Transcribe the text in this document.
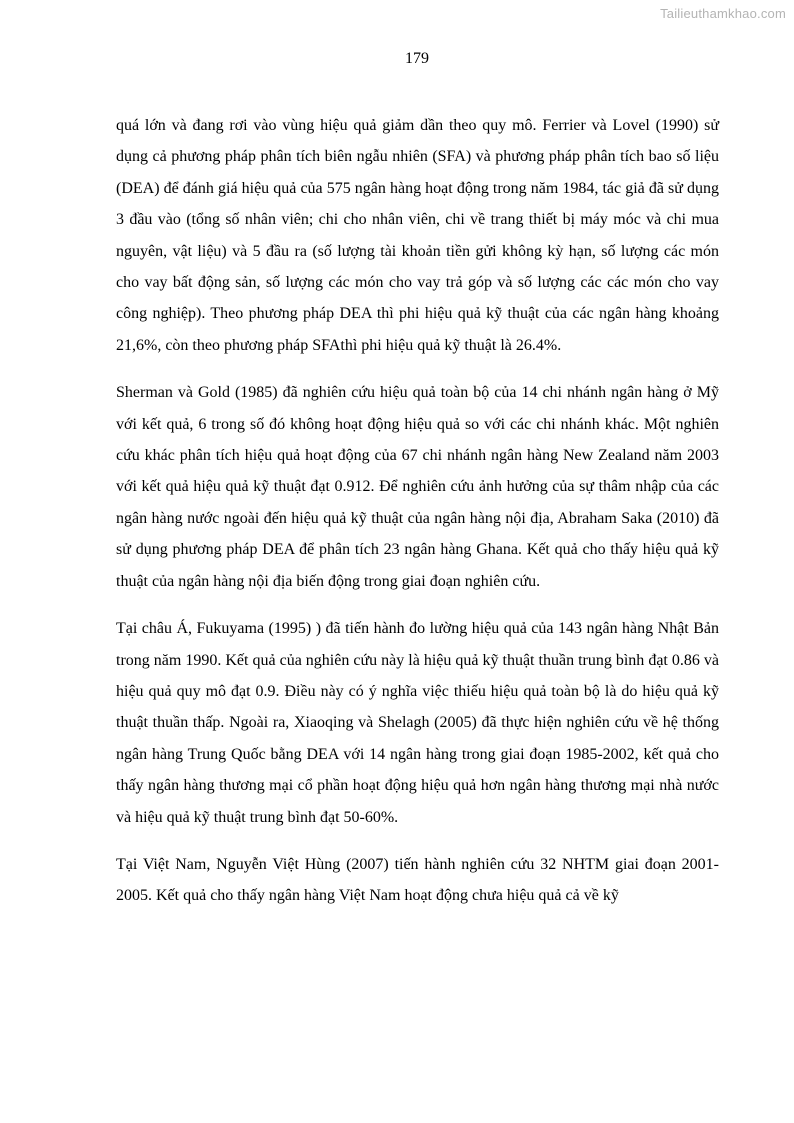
Tailieuthamkhao.com
179

quá lớn và đang rơi vào vùng hiệu quả giảm dần theo quy mô. Ferrier và Lovel (1990) sử dụng cả phương pháp phân tích biên ngẫu nhiên (SFA) và phương pháp phân tích bao số liệu (DEA) để đánh giá hiệu quả của 575 ngân hàng hoạt động trong năm 1984, tác giả đã sử dụng 3 đầu vào (tổng số nhân viên; chi cho nhân viên, chi về trang thiết bị máy móc và chi mua nguyên, vật liệu) và 5 đầu ra (số lượng tài khoản tiền gửi không kỳ hạn, số lượng các món cho vay bất động sản, số lượng các món cho vay trả góp và số lượng các các món cho vay công nghiệp). Theo phương pháp DEA thì phi hiệu quả kỹ thuật của các ngân hàng khoảng 21,6%, còn theo phương pháp SFAthì phi hiệu quả kỹ thuật là 26.4%.

Sherman và Gold (1985) đã nghiên cứu hiệu quả toàn bộ của 14 chi nhánh ngân hàng ở Mỹ với kết quả, 6 trong số đó không hoạt động hiệu quả so với các chi nhánh khác. Một nghiên cứu khác phân tích hiệu quả hoạt động của 67 chi nhánh ngân hàng New Zealand năm 2003 với kết quả hiệu quả kỹ thuật đạt 0.912. Để nghiên cứu ảnh hưởng của sự thâm nhập của các ngân hàng nước ngoài đến hiệu quả kỹ thuật của ngân hàng nội địa, Abraham Saka (2010) đã sử dụng phương pháp DEA để phân tích 23 ngân hàng Ghana. Kết quả cho thấy hiệu quả kỹ thuật của ngân hàng nội địa biến động trong giai đoạn nghiên cứu.

Tại châu Á, Fukuyama (1995) ) đã tiến hành đo lường hiệu quả của 143 ngân hàng Nhật Bản trong năm 1990. Kết quả của nghiên cứu này là hiệu quả kỹ thuật thuần trung bình đạt 0.86 và hiệu quả quy mô đạt 0.9. Điều này có ý nghĩa việc thiếu hiệu quả toàn bộ là do hiệu quả kỹ thuật thuần thấp. Ngoài ra, Xiaoqing và Shelagh (2005) đã thực hiện nghiên cứu về hệ thống ngân hàng Trung Quốc bằng DEA với 14 ngân hàng trong giai đoạn 1985-2002, kết quả cho thấy ngân hàng thương mại cổ phần hoạt động hiệu quả hơn ngân hàng thương mại nhà nước và hiệu quả kỹ thuật trung bình đạt 50-60%.

Tại Việt Nam, Nguyễn Việt Hùng (2007) tiến hành nghiên cứu 32 NHTM giai đoạn 2001-2005. Kết quả cho thấy ngân hàng Việt Nam hoạt động chưa hiệu quả cả về kỹ
